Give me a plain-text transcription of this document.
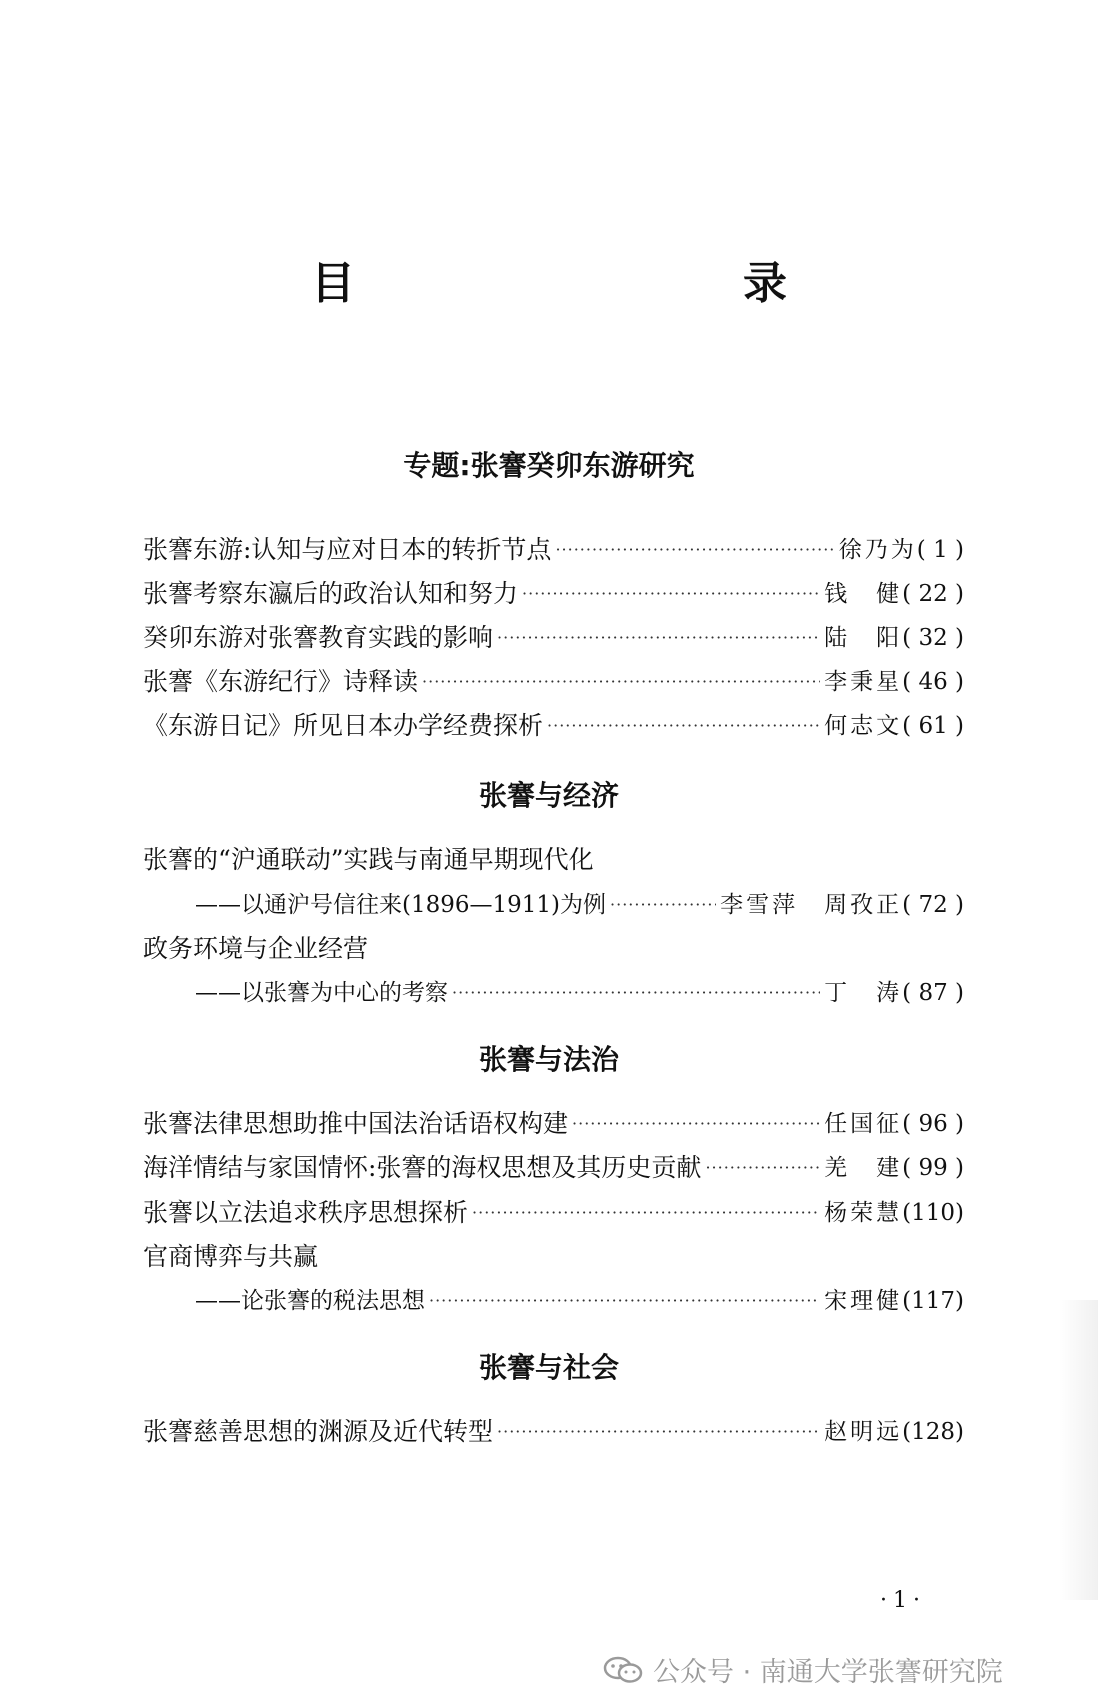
目　　录
专题:张謇癸卯东游研究
张謇东游:认知与应对日本的转折节点 ·····	徐乃为 ( 1 )
张謇考察东瀛后的政治认知和努力 ·····	钱　健 ( 22 )
癸卯东游对张謇教育实践的影响 ·····	陆　阳 ( 32 )
张謇《东游纪行》诗释读 ·····	李秉星 ( 46 )
《东游日记》所见日本办学经费探析 ·····	何志文 ( 61 )
张謇与经济
张謇的“沪通联动”实践与南通早期现代化
——以通沪号信往来(1896—1911)为例 ·····	李雪萍　周孜正 ( 72 )
政务环境与企业经营
——以张謇为中心的考察 ·····	丁　涛 ( 87 )
张謇与法治
张謇法律思想助推中国法治话语权构建 ·····	任国征 ( 96 )
海洋情结与家国情怀:张謇的海权思想及其历史贡献 ·····	羌　建 ( 99 )
张謇以立法追求秩序思想探析 ·····	杨荣慧 (110)
官商博弈与共赢
——论张謇的税法思想 ·····	宋理健 (117)
张謇与社会
张謇慈善思想的渊源及近代转型 ·····	赵明远 (128)
·1·
公众号 · 南通大学张謇研究院
